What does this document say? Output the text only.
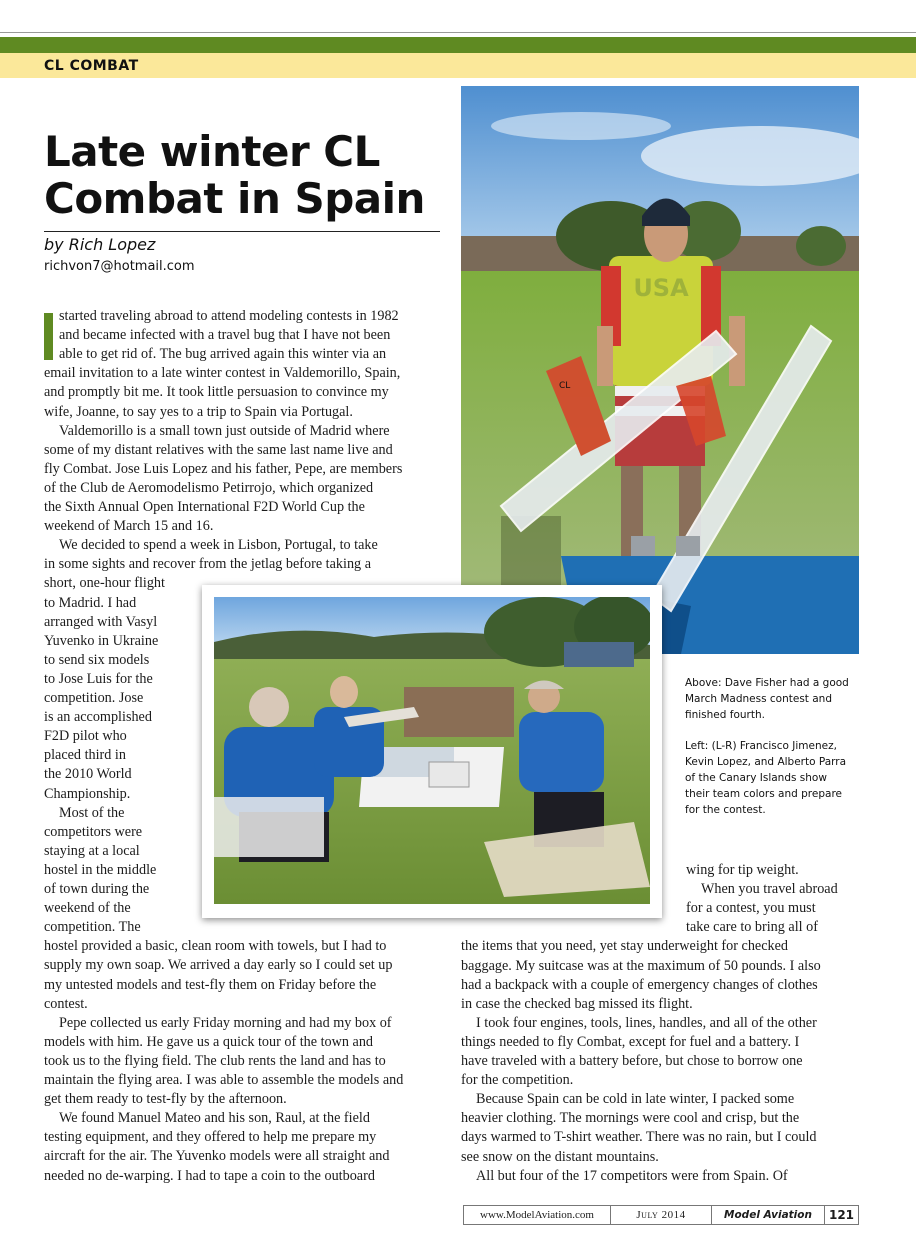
CL COMBAT
Late winter CL Combat in Spain
by Rich Lopez
richvon7@hotmail.com

started traveling abroad to attend modeling contests in 1982

and became infected with a travel bug that I have not been

able to get rid of. The bug arrived again this winter via an

email invitation to a late winter contest in Valdemorillo, Spain,

and promptly bit me. It took little persuasion to convince my

wife, Joanne, to say yes to a trip to Spain via Portugal.

Valdemorillo is a small town just outside of Madrid where

some of my distant relatives with the same last name live and

fly Combat. Jose Luis Lopez and his father, Pepe, are members

of the Club de Aeromodelismo Petirrojo, which organized

the Sixth Annual Open International F2D World Cup the

weekend of March 15 and 16.

We decided to spend a week in Lisbon, Portugal, to take

in some sights and recover from the jetlag before taking a

short, one-hour flight

to Madrid. I had

arranged with Vasyl

Yuvenko in Ukraine

to send six models

to Jose Luis for the

competition. Jose

is an accomplished

F2D pilot who

placed third in

the 2010 World

Championship.

Most of the

competitors were

staying at a local

hostel in the middle

of town during the

weekend of the

competition. The

hostel provided a basic, clean room with towels, but I had to

supply my own soap. We arrived a day early so I could set up

my untested models and test-fly them on Friday before the

contest.

Pepe collected us early Friday morning and had my box of

models with him. He gave us a quick tour of the town and

took us to the flying field. The club rents the land and has to

maintain the flying area. I was able to assemble the models and

get them ready to test-fly by the afternoon.

We found Manuel Mateo and his son, Raul, at the field

testing equipment, and they offered to help me prepare my

aircraft for the air. The Yuvenko models were all straight and

needed no de-warping. I had to tape a coin to the outboard

wing for tip weight.

When you travel abroad

for a contest, you must

take care to bring all of

the items that you need, yet stay underweight for checked

baggage. My suitcase was at the maximum of 50 pounds. I also

had a backpack with a couple of emergency changes of clothes

in case the checked bag missed its flight.

I took four engines, tools, lines, handles, and all of the other

things needed to fly Combat, except for fuel and a battery. I

have traveled with a battery before, but chose to borrow one

for the competition.

Because Spain can be cold in late winter, I packed some

heavier clothing. The mornings were cool and crisp, but the

days warmed to T-shirt weather. There was no rain, but I could

see snow on the distant mountains.

All but four of the 17 competitors were from Spain. Of

USA
CL

Above: Dave Fisher had a good

March Madness contest and

finished fourth.

Left: (L-R) Francisco Jimenez,

Kevin Lopez, and Alberto Parra

of the Canary Islands show

their team colors and prepare

for the contest.

www.ModelAviation.com	July 2014	Model Aviation	121
